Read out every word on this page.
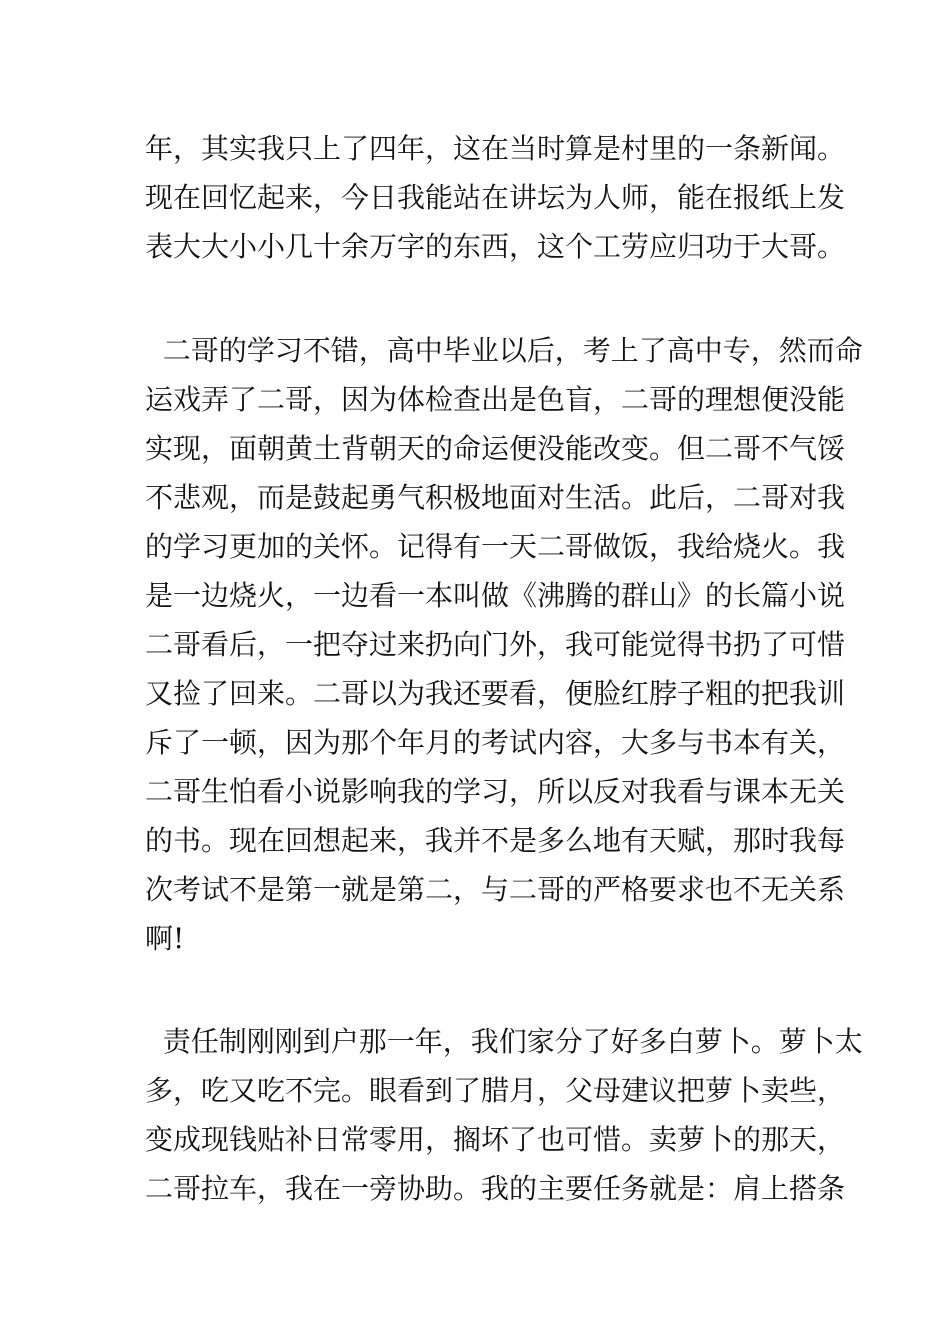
年，其实我只上了四年，这在当时算是村里的一条新闻。
现在回忆起来，今日我能站在讲坛为人师，能在报纸上发
表大大小小几十余万字的东西，这个工劳应归功于大哥。
二哥的学习不错，高中毕业以后，考上了高中专，然而命
运戏弄了二哥，因为体检查出是色盲，二哥的理想便没能
实现，面朝黄土背朝天的命运便没能改变。但二哥不气馁
不悲观，而是鼓起勇气积极地面对生活。此后，二哥对我
的学习更加的关怀。记得有一天二哥做饭，我给烧火。我
是一边烧火，一边看一本叫做《沸腾的群山》的长篇小说
二哥看后，一把夺过来扔向门外，我可能觉得书扔了可惜
又捡了回来。二哥以为我还要看，便脸红脖子粗的把我训
斥了一顿，因为那个年月的考试内容，大多与书本有关，
二哥生怕看小说影响我的学习，所以反对我看与课本无关
的书。现在回想起来，我并不是多么地有天赋，那时我每
次考试不是第一就是第二，与二哥的严格要求也不无关系
啊!
责任制刚刚到户那一年，我们家分了好多白萝卜。萝卜太
多，吃又吃不完。眼看到了腊月，父母建议把萝卜卖些，
变成现钱贴补日常零用，搁坏了也可惜。卖萝卜的那天，
二哥拉车，我在一旁协助。我的主要任务就是：肩上搭条
